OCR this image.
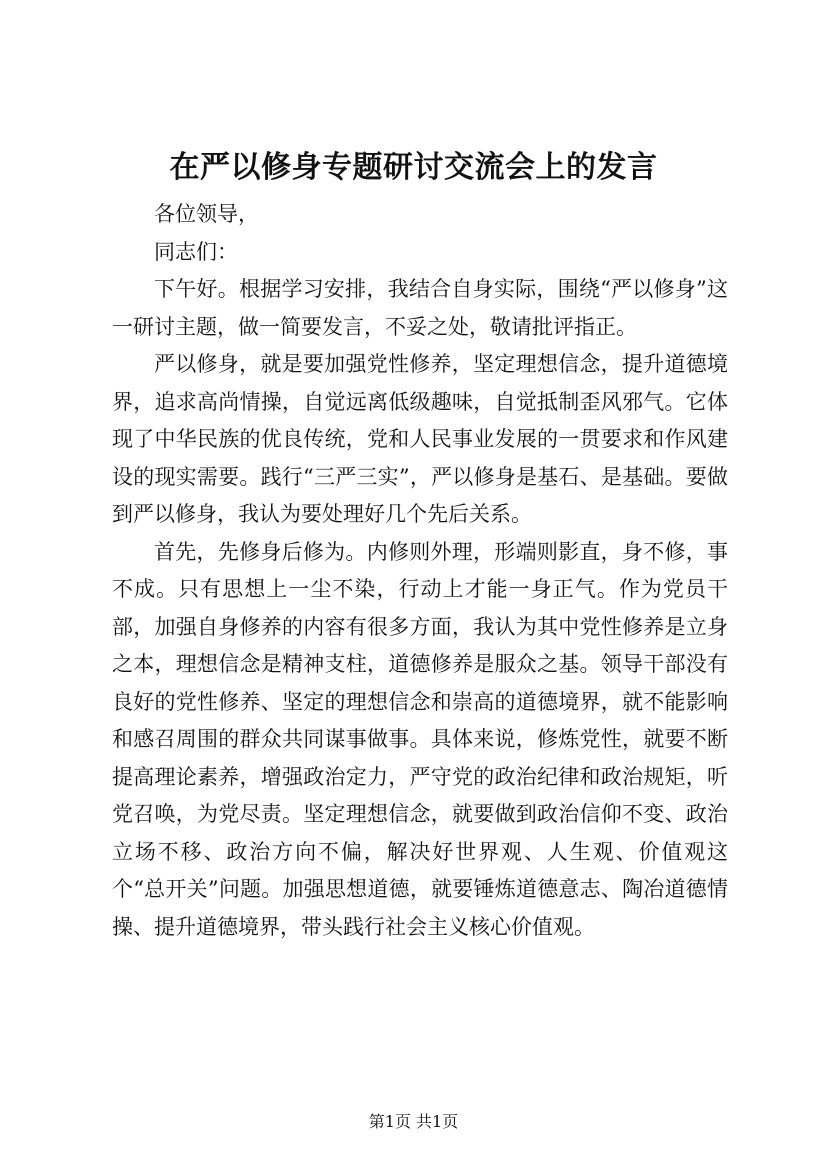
在严以修身专题研讨交流会上的发言

各位领导，

同志们：

下午好。根据学习安排，我结合自身实际，围绕“严以修身”这一研讨主题，做一简要发言，不妥之处，敬请批评指正。

严以修身，就是要加强党性修养，坚定理想信念，提升道德境界，追求高尚情操，自觉远离低级趣味，自觉抵制歪风邪气。它体现了中华民族的优良传统，党和人民事业发展的一贯要求和作风建设的现实需要。践行“三严三实”，严以修身是基石、是基础。要做到严以修身，我认为要处理好几个先后关系。

首先，先修身后修为。内修则外理，形端则影直，身不修，事不成。只有思想上一尘不染，行动上才能一身正气。作为党员干部，加强自身修养的内容有很多方面，我认为其中党性修养是立身之本，理想信念是精神支柱，道德修养是服众之基。领导干部没有良好的党性修养、坚定的理想信念和崇高的道德境界，就不能影响和感召周围的群众共同谋事做事。具体来说，修炼党性，就要不断提高理论素养，增强政治定力，严守党的政治纪律和政治规矩，听党召唤，为党尽责。坚定理想信念，就要做到政治信仰不变、政治立场不移、政治方向不偏，解决好世界观、人生观、价值观这个“总开关”问题。加强思想道德，就要锤炼道德意志、陶冶道德情操、提升道德境界，带头践行社会主义核心价值观。

第1页 共1页
